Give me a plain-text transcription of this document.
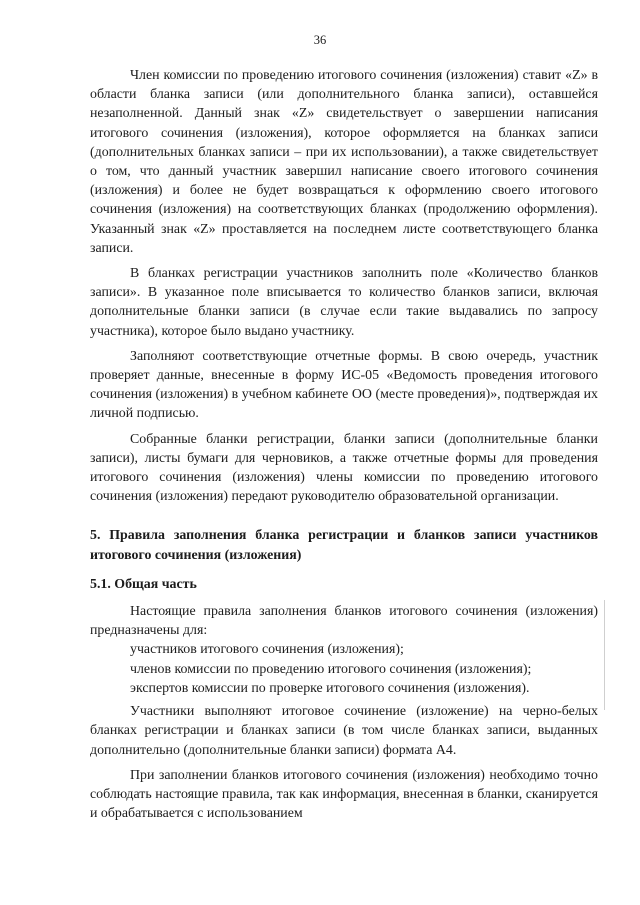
36

Член комиссии по проведению итогового сочинения (изложения) ставит «Z» в области бланка записи (или дополнительного бланка записи), оставшейся незаполненной. Данный знак «Z» свидетельствует о завершении написания итогового сочинения (изложения), которое оформляется на бланках записи (дополнительных бланках записи – при их использовании), а также свидетельствует о том, что данный участник завершил написание своего итогового сочинения (изложения) и более не будет возвращаться к оформлению своего итогового сочинения (изложения) на соответствующих бланках (продолжению оформления). Указанный знак «Z» проставляется на последнем листе соответствующего бланка записи.

В бланках регистрации участников заполнить поле «Количество бланков записи». В указанное поле вписывается то количество бланков записи, включая дополнительные бланки записи (в случае если такие выдавались по запросу участника), которое было выдано участнику.

Заполняют соответствующие отчетные формы. В свою очередь, участник проверяет данные, внесенные в форму ИС-05 «Ведомость проведения итогового сочинения (изложения) в учебном кабинете ОО (месте проведения)», подтверждая их личной подписью.

Собранные бланки регистрации, бланки записи (дополнительные бланки записи), листы бумаги для черновиков, а также отчетные формы для проведения итогового сочинения (изложения) члены комиссии по проведению итогового сочинения (изложения) передают руководителю образовательной организации.

5. Правила заполнения бланка регистрации и бланков записи участников итогового сочинения (изложения)

5.1. Общая часть

Настоящие правила заполнения бланков итогового сочинения (изложения) предназначены для:

участников итогового сочинения (изложения);

членов комиссии по проведению итогового сочинения (изложения);

экспертов комиссии по проверке итогового сочинения (изложения).

Участники выполняют итоговое сочинение (изложение) на черно-белых бланках регистрации и бланках записи (в том числе бланках записи, выданных дополнительно (дополнительные бланки записи) формата А4.

При заполнении бланков итогового сочинения (изложения) необходимо точно соблюдать настоящие правила, так как информация, внесенная в бланки, сканируется и обрабатывается с использованием
